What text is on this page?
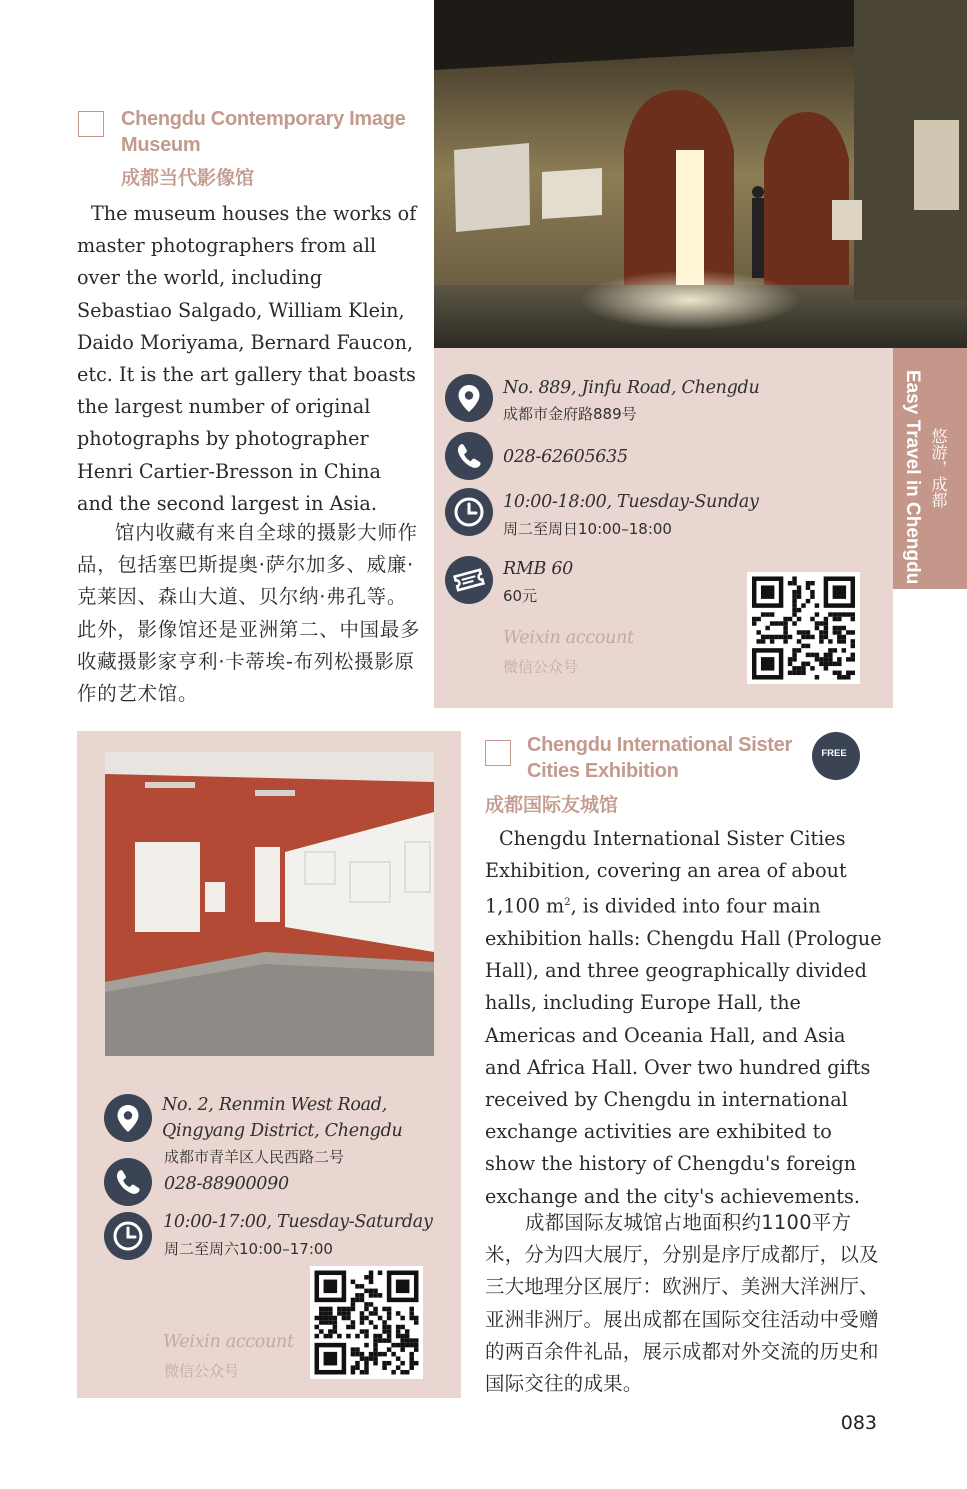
Chengdu Contemporary Image Museum
成都当代影像馆
The museum houses the works of master photographers from all over the world, including Sebastiao Salgado, William Klein, Daido Moriyama, Bernard Faucon, etc. It is the art gallery that boasts the largest number of original photographs by photographer Henri Cartier-Bresson in China and the second largest in Asia.
馆内收藏有来自全球的摄影大师作品，包括塞巴斯提奥·萨尔加多、威廉·克莱因、森山大道、贝尔纳·弗孔等。此外，影像馆还是亚洲第二、中国最多收藏摄影家亨利·卡蒂埃-布列松摄影原作的艺术馆。
No. 889, Jinfu Road, Chengdu
成都市金府路889号
028-62605635
10:00-18:00, Tuesday-Sunday
周二至周日10:00–18:00
RMB 60
60元
Weixin account
微信公众号
Easy Travel in Chengdu 悠游，成都
No. 2, Renmin West Road,
Qingyang District, Chengdu
成都市青羊区人民西路二号
028-88900090
10:00-17:00, Tuesday-Saturday
周二至周六10:00–17:00
Weixin account
微信公众号
Chengdu International Sister Cities Exhibition
成都国际友城馆
FREE
Chengdu International Sister Cities Exhibition, covering an area of about 1,100 $m^2$, is divided into four main exhibition halls: Chengdu Hall (Prologue Hall), and three geographically divided halls, including Europe Hall, the Americas and Oceania Hall, and Asia and Africa Hall. Over two hundred gifts received by Chengdu in international exchange activities are exhibited to show the history of Chengdu's foreign exchange and the city's achievements.
成都国际友城馆占地面积约1100平方米，分为四大展厅，分别是序厅成都厅，以及三大地理分区展厅：欧洲厅、美洲大洋洲厅、亚洲非洲厅。展出成都在国际交往活动中受赠的两百余件礼品，展示成都对外交流的历史和国际交往的成果。
083
